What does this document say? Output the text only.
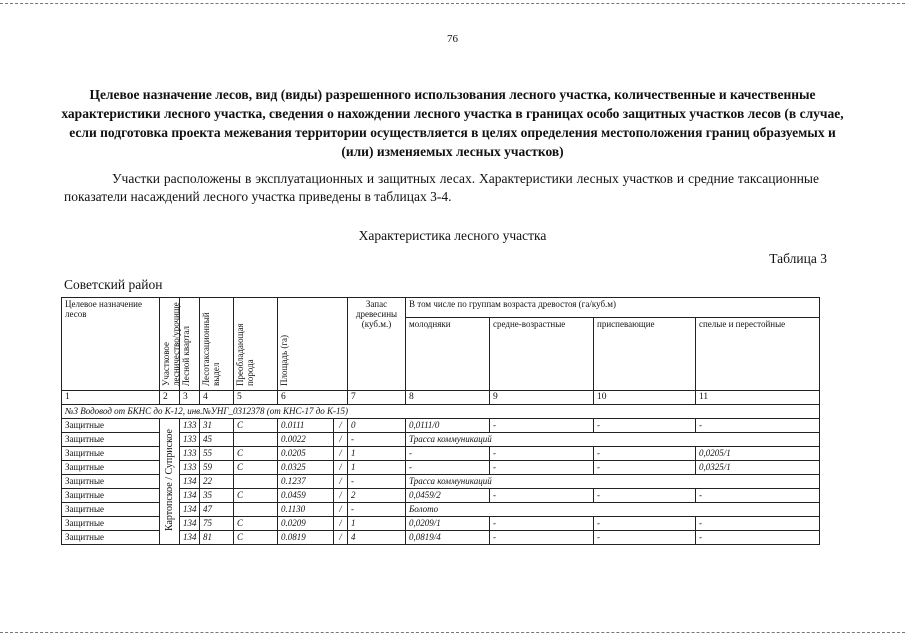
76
Целевое назначение лесов, вид (виды) разрешенного использования лесного участка, количественные и качественные характеристики лесного участка, сведения о нахождении лесного участка в границах особо защитных участков лесов (в случае, если подготовка проекта межевания территории осуществляется в целях определения местоположения границ образуемых и (или) изменяемых лесных участков)
Участки расположены в эксплуатационных и защитных лесах. Характеристики лесных участков и средние таксационные показатели насаждений лесного участка приведены в таблицах 3-4.
Характеристика лесного участка
Таблица 3
Советский район
Целевое назначение лесов	Участковое лесничество/урочище	Лесной квартал	Лесотаксационный выдел	Преобладающая порода	Площадь (га)		Запас древесины (куб.м.)	В том числе по группам возраста древостоя (га/куб.м)			
								молодняки	средне-возрастные	приспевающие	спелые и перестойные
1	2	3	4	5	6		7	8	9	10	11
№3 Водовод от БКНС до К-12, инв.№УНГ_0312378 (от КНС-17 до К-15)											
Защитные	Картопское / Суприское	133	31	С	0.0111	/	0	0,0111/0	-	-	-
Защитные		133	45		0.0022	/	-	Трасса коммуникаций			
Защитные		133	55	С	0.0205	/	1	-	-	-	0,0205/1
Защитные		133	59	С	0.0325	/	1	-	-	-	0,0325/1
Защитные		134	22		0.1237	/	-	Трасса коммуникаций			
Защитные		134	35	С	0.0459	/	2	0,0459/2	-	-	-
Защитные		134	47		0.1130	/	-	Болото			
Защитные		134	75	С	0.0209	/	1	0,0209/1	-	-	-
Защитные		134	81	С	0.0819	/	4	0,0819/4	-	-	-
